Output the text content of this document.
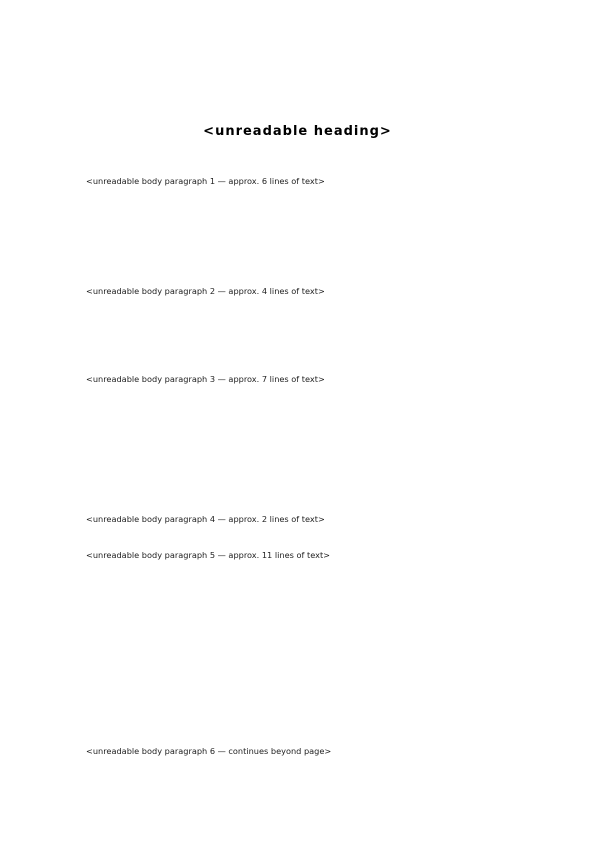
<unreadable heading>

<unreadable body paragraph 1 — approx. 6 lines of text>

<unreadable body paragraph 2 — approx. 4 lines of text>

<unreadable body paragraph 3 — approx. 7 lines of text>

<unreadable body paragraph 4 — approx. 2 lines of text>

<unreadable body paragraph 5 — approx. 11 lines of text>

<unreadable body paragraph 6 — continues beyond page>
